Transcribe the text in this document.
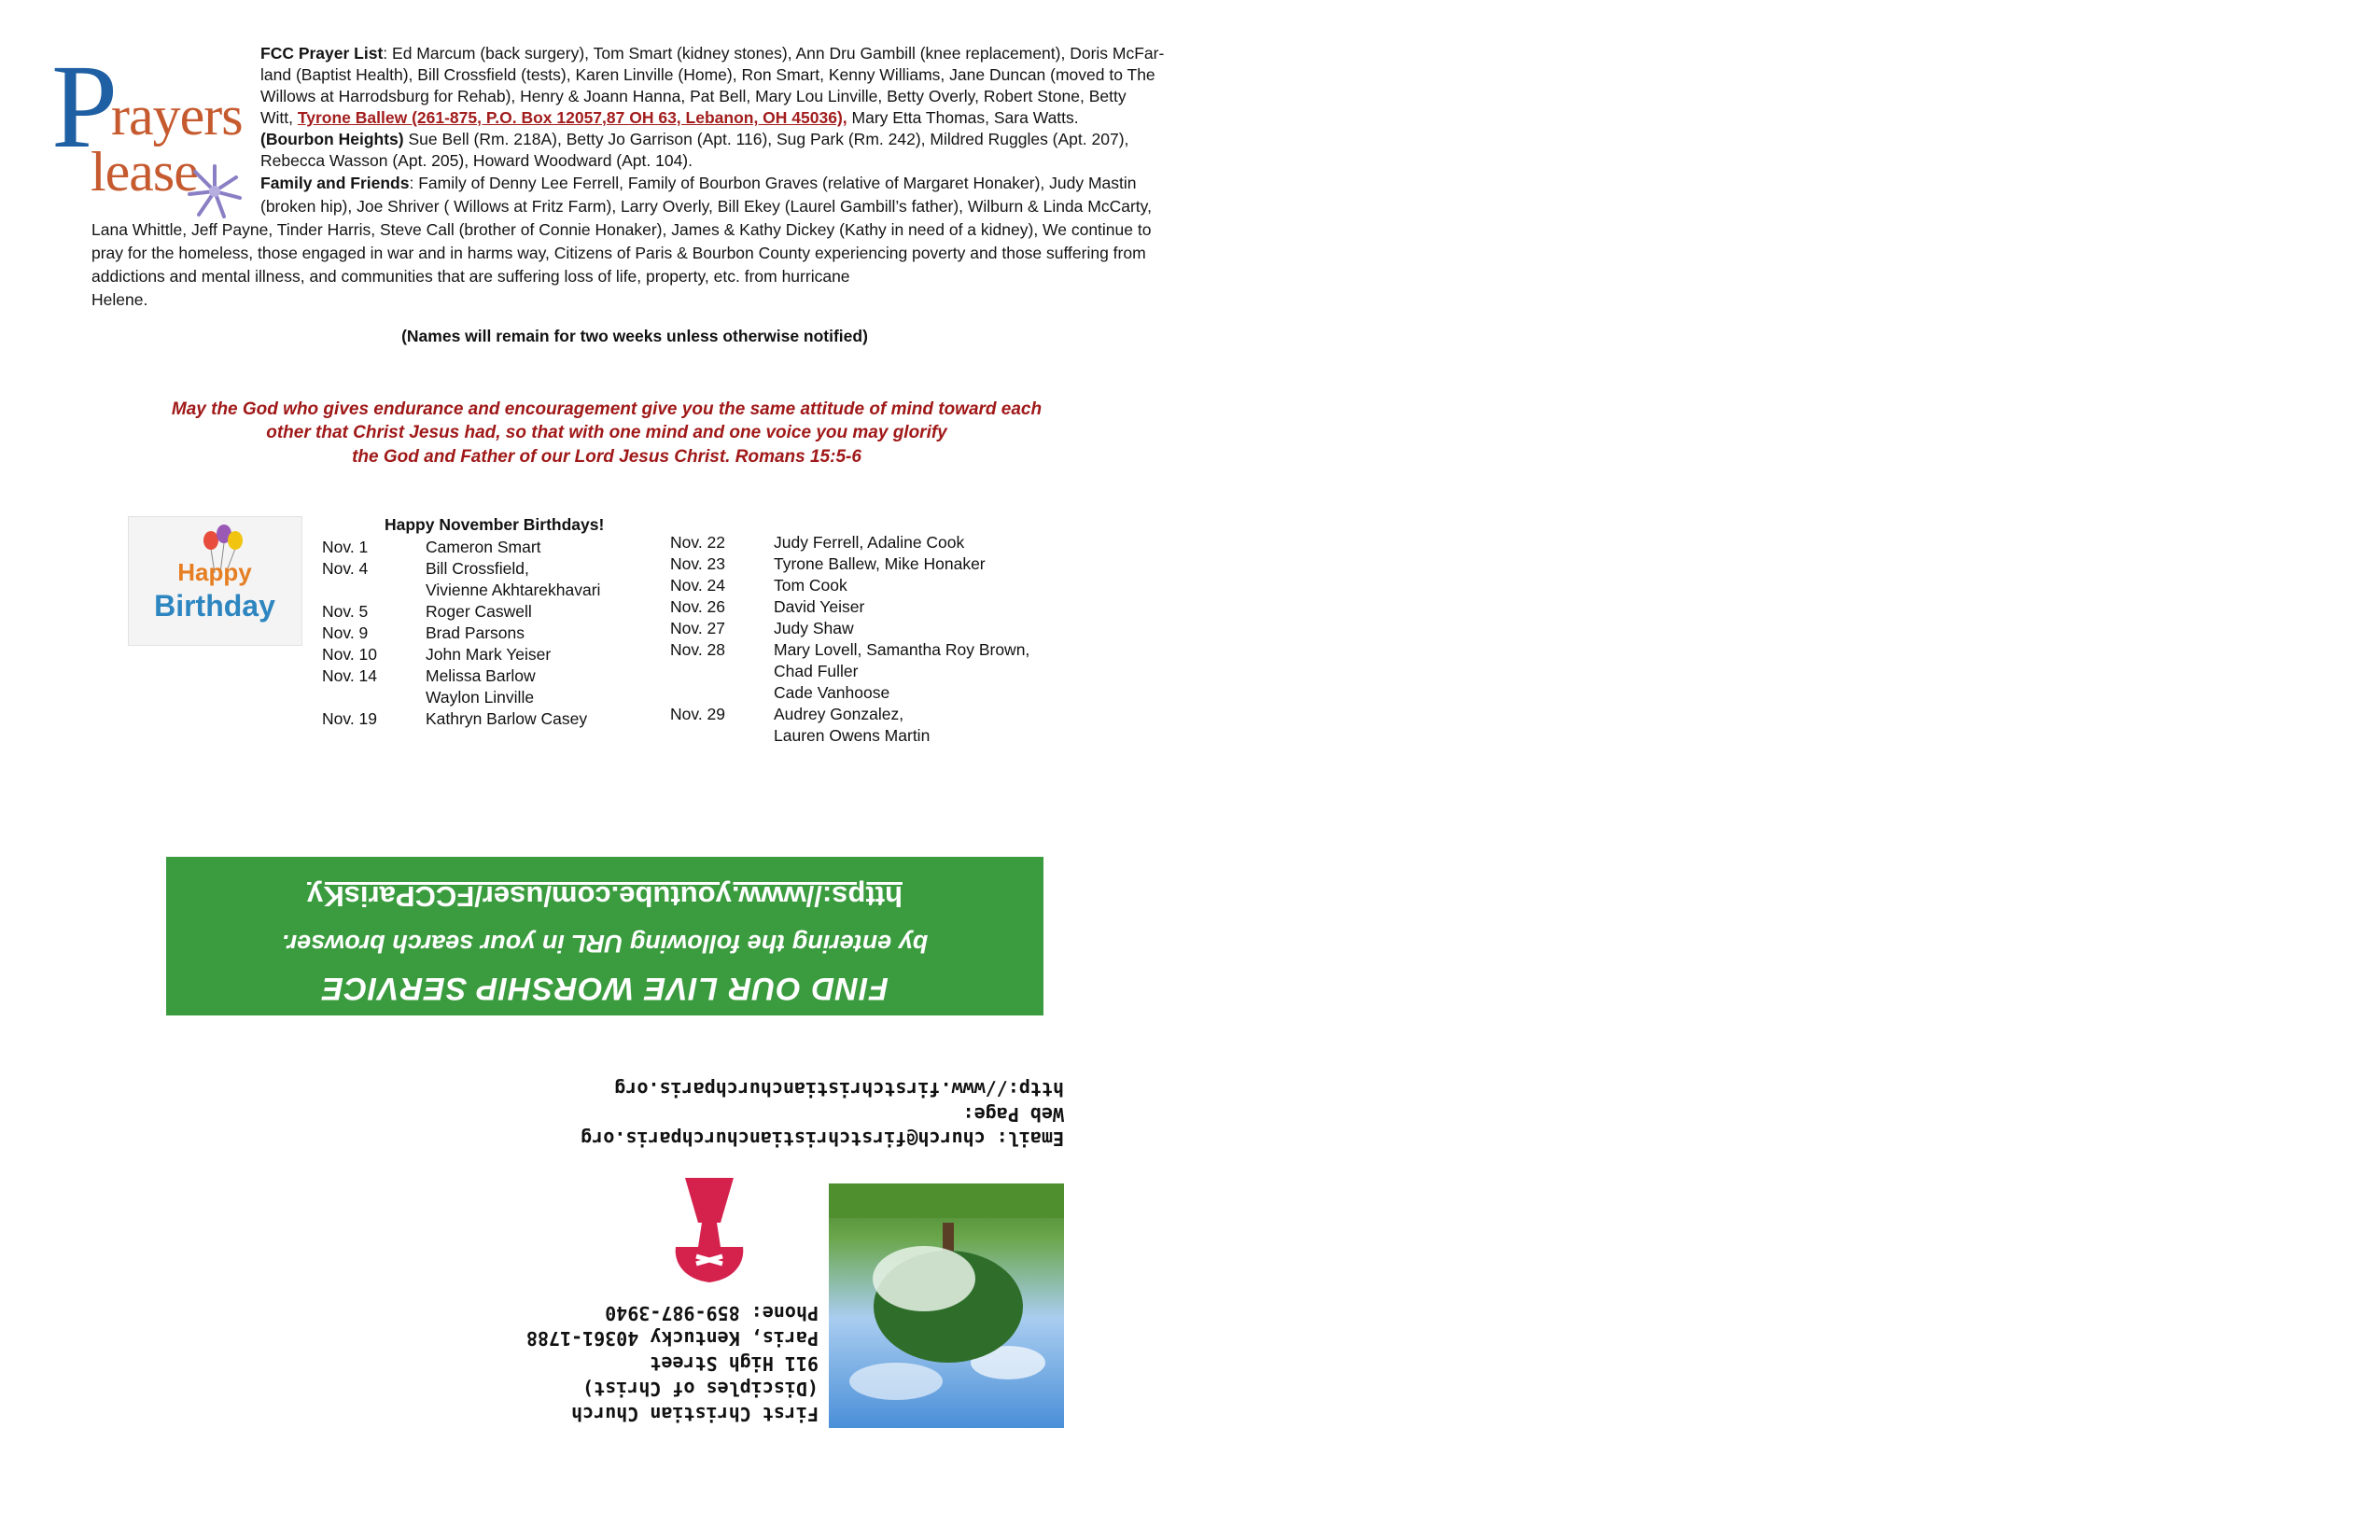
P
rayers
lease
FCC Prayer List: Ed Marcum (back surgery), Tom Smart (kidney stones), Ann Dru Gambill (knee replacement), Doris McFar-
land (Baptist Health), Bill Crossfield (tests), Karen Linville (Home), Ron Smart, Kenny Williams, Jane Duncan (moved to The
Willows at Harrodsburg for Rehab), Henry & Joann Hanna, Pat Bell, Mary Lou Linville, Betty Overly, Robert Stone, Betty
Witt, Tyrone Ballew (261-875, P.O. Box 12057,87 OH 63, Lebanon, OH 45036), Mary Etta Thomas, Sara Watts.
(Bourbon Heights) Sue Bell (Rm. 218A), Betty Jo Garrison (Apt. 116), Sug Park (Rm. 242), Mildred Ruggles (Apt. 207),
Rebecca Wasson (Apt. 205), Howard Woodward (Apt. 104).
Family and Friends: Family of Denny Lee Ferrell, Family of Bourbon Graves (relative of Margaret Honaker), Judy Mastin
(broken hip), Joe Shriver ( Willows at Fritz Farm), Larry Overly, Bill Ekey (Laurel Gambill’s father), Wilburn & Linda McCarty,
Lana Whittle, Jeff Payne, Tinder Harris, Steve Call (brother of Connie Honaker), James & Kathy Dickey (Kathy in need of a kidney), We continue to
pray for the homeless, those engaged in war and in harms way, Citizens of Paris & Bourbon County experiencing poverty and those suffering from
addictions and mental illness, and communities that are suffering loss of life, property, etc. from hurricane
Helene.
(Names will remain for two weeks unless otherwise notified)
May the God who gives endurance and encouragement give you the same attitude of mind toward each
other that Christ Jesus had, so that with one mind and one voice you may glorify
the God and Father of our Lord Jesus Christ. Romans 15:5-6
Happy
Birthday
Happy November Birthdays!
Nov. 1	Cameron Smart
Nov. 4	Bill Crossfield,
Vivienne Akhtarekhavari
Nov. 5	Roger Caswell
Nov. 9	Brad Parsons
Nov. 10	John Mark Yeiser
Nov. 14	Melissa Barlow
Waylon Linville
Nov. 19	Kathryn Barlow Casey
Nov. 22	Judy Ferrell, Adaline Cook
Nov. 23	Tyrone Ballew, Mike Honaker
Nov. 24	Tom Cook
Nov. 26	David Yeiser
Nov. 27	Judy Shaw
Nov. 28	Mary Lovell, Samantha Roy Brown,
Chad Fuller
Cade Vanhoose
Nov. 29	Audrey Gonzalez,
Lauren Owens Martin
FIND OUR LIVE WORSHIP SERVICE
by entering the following URL in your search browser.
https://www.youtube.com/user/FCCParisKy
First Christian Church
(Disciples of Christ)
911 High Street
Paris, Kentucky 40361-1788
Phone: 859-987-3940
Email: church@firstchristianchurchparis.org
Web Page: http://www.firstchristianchurchparis.org
